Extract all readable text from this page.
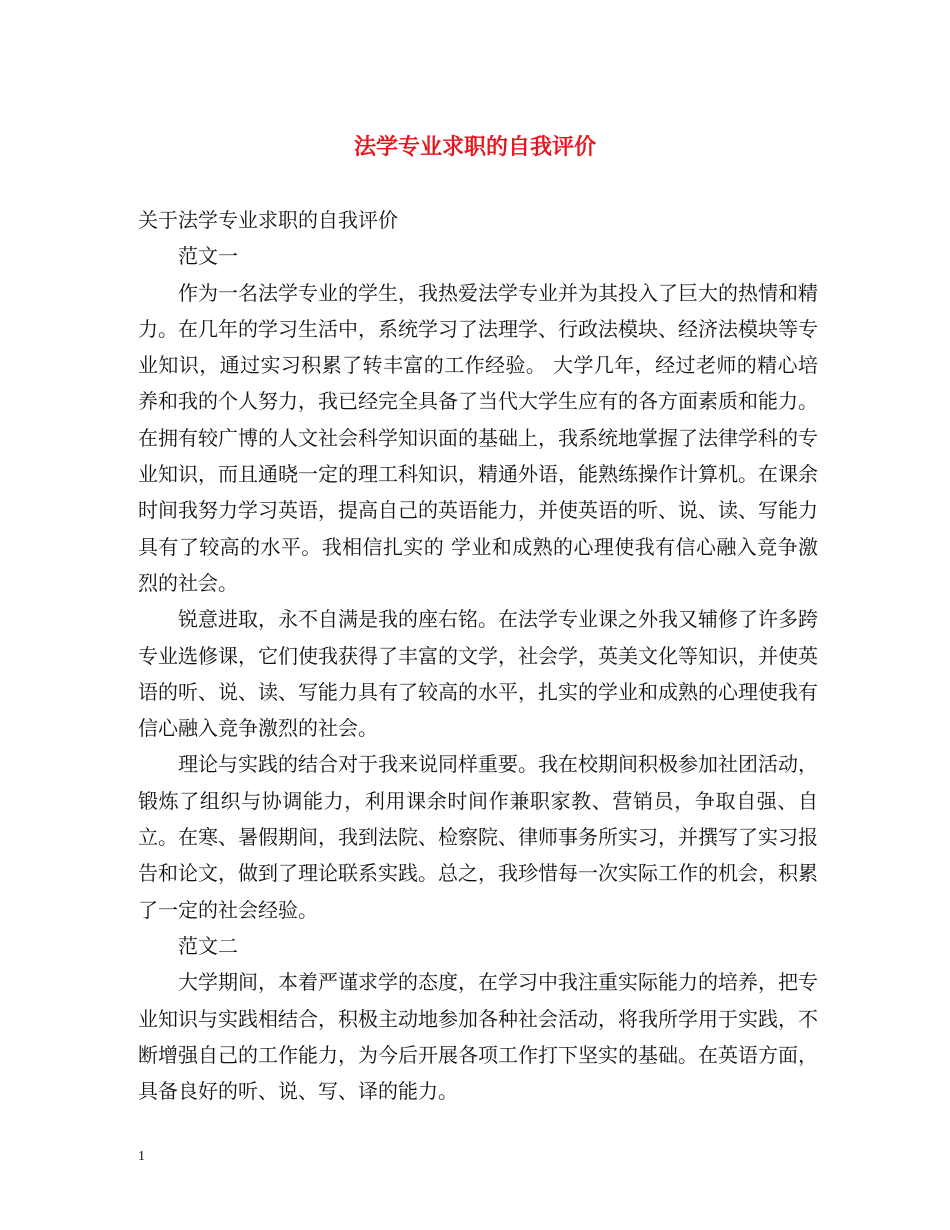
法学专业求职的自我评价

关于法学专业求职的自我评价

范文一

作为一名法学专业的学生，我热爱法学专业并为其投入了巨大的热情和精力。在几年的学习生活中，系统学习了法理学、行政法模块、经济法模块等专业知识，通过实习积累了转丰富的工作经验。 大学几年，经过老师的精心培养和我的个人努力，我已经完全具备了当代大学生应有的各方面素质和能力。在拥有较广博的人文社会科学知识面的基础上，我系统地掌握了法律学科的专业知识，而且通晓一定的理工科知识，精通外语，能熟练操作计算机。在课余时间我努力学习英语，提高自己的英语能力，并使英语的听、说、读、写能力具有了较高的水平。我相信扎实的 学业和成熟的心理使我有信心融入竞争激烈的社会。

锐意进取，永不自满是我的座右铭。在法学专业课之外我又辅修了许多跨专业选修课，它们使我获得了丰富的文学，社会学，英美文化等知识，并使英语的听、说、读、写能力具有了较高的水平，扎实的学业和成熟的心理使我有信心融入竞争激烈的社会。

理论与实践的结合对于我来说同样重要。我在校期间积极参加社团活动，锻炼了组织与协调能力，利用课余时间作兼职家教、营销员，争取自强、自立。在寒、暑假期间，我到法院、检察院、律师事务所实习，并撰写了实习报告和论文，做到了理论联系实践。总之，我珍惜每一次实际工作的机会，积累了一定的社会经验。

范文二

大学期间，本着严谨求学的态度，在学习中我注重实际能力的培养，把专业知识与实践相结合，积极主动地参加各种社会活动，将我所学用于实践，不断增强自己的工作能力，为今后开展各项工作打下坚实的基础。在英语方面，具备良好的听、说、写、译的能力。

1
